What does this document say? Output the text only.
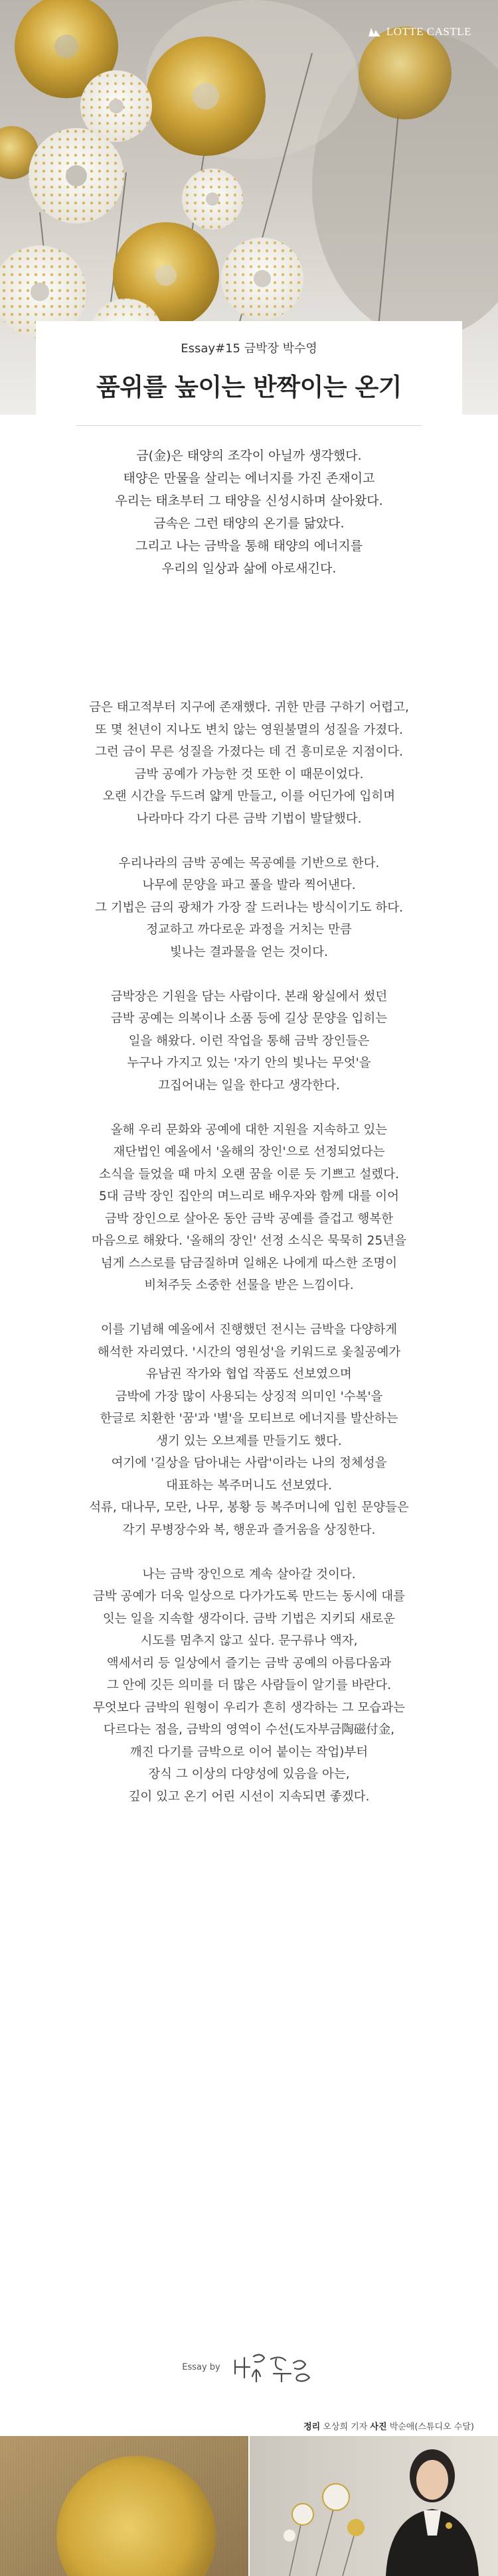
LOTTE CASTLE
Essay#15 금박장 박수영
품위를 높이는 반짝이는 온기
금(金)은 태양의 조각이 아닐까 생각했다.
태양은 만물을 살리는 에너지를 가진 존재이고
우리는 태초부터 그 태양을 신성시하며 살아왔다.
금속은 그런 태양의 온기를 닮았다.
그리고 나는 금박을 통해 태양의 에너지를
우리의 일상과 삶에 아로새긴다.
금은 태고적부터 지구에 존재했다. 귀한 만큼 구하기 어렵고,
또 몇 천년이 지나도 변치 않는 영원불멸의 성질을 가졌다.
그런 금이 무른 성질을 가졌다는 데 건 흥미로운 지점이다.
금박 공예가 가능한 것 또한 이 때문이었다.
오랜 시간을 두드려 얇게 만들고, 이를 어딘가에 입히며
나라마다 각기 다른 금박 기법이 발달했다.
우리나라의 금박 공예는 목공예를 기반으로 한다.
나무에 문양을 파고 풀을 발라 찍어낸다.
그 기법은 금의 광채가 가장 잘 드러나는 방식이기도 하다.
정교하고 까다로운 과정을 거치는 만큼
빛나는 결과물을 얻는 것이다.
금박장은 기원을 담는 사람이다. 본래 왕실에서 썼던
금박 공예는 의복이나 소품 등에 길상 문양을 입히는
일을 해왔다. 이런 작업을 통해 금박 장인들은
누구나 가지고 있는 '자기 안의 빛나는 무엇'을
끄집어내는 일을 한다고 생각한다.
올해 우리 문화와 공예에 대한 지원을 지속하고 있는
재단법인 예올에서 '올해의 장인'으로 선정되었다는
소식을 들었을 때 마치 오랜 꿈을 이룬 듯 기쁘고 설렜다.
5대 금박 장인 집안의 며느리로 배우자와 함께 대를 이어
금박 장인으로 살아온 동안 금박 공예를 즐겁고 행복한
마음으로 해왔다. '올해의 장인' 선정 소식은 묵묵히 25년을
넘게 스스로를 담금질하며 일해온 나에게 따스한 조명이
비쳐주듯 소중한 선물을 받은 느낌이다.
이를 기념해 예올에서 진행했던 전시는 금박을 다양하게
해석한 자리였다. '시간의 영원성'을 키워드로 옻칠공예가
유남권 작가와 협업 작품도 선보였으며
금박에 가장 많이 사용되는 상징적 의미인 '수복'을
한글로 치환한 '꿈'과 '별'을 모티브로 에너지를 발산하는
생기 있는 오브제를 만들기도 했다.
여기에 '길상을 담아내는 사람'이라는 나의 정체성을
대표하는 복주머니도 선보였다.
석류, 대나무, 모란, 나무, 봉황 등 복주머니에 입힌 문양들은
각기 무병장수와 복, 행운과 즐거움을 상징한다.
나는 금박 장인으로 계속 살아갈 것이다.
금박 공예가 더욱 일상으로 다가가도록 만드는 동시에 대를
잇는 일을 지속할 생각이다. 금박 기법은 지키되 새로운
시도를 멈추지 않고 싶다. 문구류나 액자,
액세서리 등 일상에서 즐기는 금박 공예의 아름다움과
그 안에 깃든 의미를 더 많은 사람들이 알기를 바란다.
무엇보다 금박의 원형이 우리가 흔히 생각하는 그 모습과는
다르다는 점을, 금박의 영역이 수선(도자부금陶磁付金,
깨진 다기를 금박으로 이어 붙이는 작업)부터
장식 그 이상의 다양성에 있음을 아는,
깊이 있고 온기 어린 시선이 지속되면 좋겠다.
Essay by
정리 오상희 기자 사진 박순애(스튜디오 수달)
